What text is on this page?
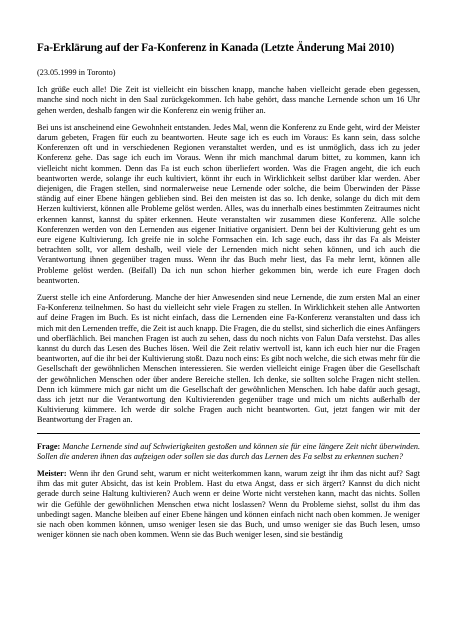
Fa-Erklärung auf der Fa-Konferenz in Kanada (Letzte Änderung Mai 2010)
(23.05.1999 in Toronto)

Ich grüße euch alle! Die Zeit ist vielleicht ein bisschen knapp, manche haben vielleicht gerade eben gegessen, manche sind noch nicht in den Saal zurückgekommen. Ich habe gehört, dass manche Lernende schon um 16 Uhr gehen werden, deshalb fangen wir die Konferenz ein wenig früher an.

Bei uns ist anscheinend eine Gewohnheit entstanden. Jedes Mal, wenn die Konferenz zu Ende geht, wird der Meister darum gebeten, Fragen für euch zu beantworten. Heute sage ich es euch im Voraus: Es kann sein, dass solche Konferenzen oft und in verschiedenen Regionen veranstaltet werden, und es ist unmöglich, dass ich zu jeder Konferenz gehe. Das sage ich euch im Voraus. Wenn ihr mich manchmal darum bittet, zu kommen, kann ich vielleicht nicht kommen. Denn das Fa ist euch schon überliefert worden. Was die Fragen angeht, die ich euch beantworten werde, solange ihr euch kultiviert, könnt ihr euch in Wirklichkeit selbst darüber klar werden. Aber diejenigen, die Fragen stellen, sind normalerweise neue Lernende oder solche, die beim Überwinden der Pässe ständig auf einer Ebene hängen geblieben sind. Bei den meisten ist das so. Ich denke, solange du dich mit dem Herzen kultivierst, können alle Probleme gelöst werden. Alles, was du innerhalb eines bestimmten Zeitraumes nicht erkennen kannst, kannst du später erkennen. Heute veranstalten wir zusammen diese Konferenz. Alle solche Konferenzen werden von den Lernenden aus eigener Initiative organisiert. Denn bei der Kultivierung geht es um eure eigene Kultivierung. Ich greife nie in solche Formsachen ein. Ich sage euch, dass ihr das Fa als Meister betrachten sollt, vor allem deshalb, weil viele der Lernenden mich nicht sehen können, und ich auch die Verantwortung ihnen gegenüber tragen muss. Wenn ihr das Buch mehr liest, das Fa mehr lernt, können alle Probleme gelöst werden. (Beifall) Da ich nun schon hierher gekommen bin, werde ich eure Fragen doch beantworten.

Zuerst stelle ich eine Anforderung. Manche der hier Anwesenden sind neue Lernende, die zum ersten Mal an einer Fa-Konferenz teilnehmen. So hast du vielleicht sehr viele Fragen zu stellen. In Wirklichkeit stehen alle Antworten auf deine Fragen im Buch. Es ist nicht einfach, dass die Lernenden eine Fa-Konferenz veranstalten und dass ich mich mit den Lernenden treffe, die Zeit ist auch knapp. Die Fragen, die du stellst, sind sicherlich die eines Anfängers und oberflächlich. Bei manchen Fragen ist auch zu sehen, dass du noch nichts von Falun Dafa verstehst. Das alles kannst du durch das Lesen des Buches lösen. Weil die Zeit relativ wertvoll ist, kann ich euch hier nur die Fragen beantworten, auf die ihr bei der Kultivierung stoßt. Dazu noch eins: Es gibt noch welche, die sich etwas mehr für die Gesellschaft der gewöhnlichen Menschen interessieren. Sie werden vielleicht einige Fragen über die Gesellschaft der gewöhnlichen Menschen oder über andere Bereiche stellen. Ich denke, sie sollten solche Fragen nicht stellen. Denn ich kümmere mich gar nicht um die Gesellschaft der gewöhnlichen Menschen. Ich habe dafür auch gesagt, dass ich jetzt nur die Verantwortung den Kultivierenden gegenüber trage und mich um nichts außerhalb der Kultivierung kümmere. Ich werde dir solche Fragen auch nicht beantworten. Gut, jetzt fangen wir mit der Beantwortung der Fragen an.

Frage: Manche Lernende sind auf Schwierigkeiten gestoßen und können sie für eine längere Zeit nicht überwinden. Sollen die anderen ihnen das aufzeigen oder sollen sie das durch das Lernen des Fa selbst zu erkennen suchen?

Meister: Wenn ihr den Grund seht, warum er nicht weiterkommen kann, warum zeigt ihr ihm das nicht auf? Sagt ihm das mit guter Absicht, das ist kein Problem. Hast du etwa Angst, dass er sich ärgert? Kannst du dich nicht gerade durch seine Haltung kultivieren? Auch wenn er deine Worte nicht verstehen kann, macht das nichts. Sollen wir die Gefühle der gewöhnlichen Menschen etwa nicht loslassen? Wenn du Probleme siehst, sollst du ihm das unbedingt sagen. Manche bleiben auf einer Ebene hängen und können einfach nicht nach oben kommen. Je weniger sie nach oben kommen können, umso weniger lesen sie das Buch, und umso weniger sie das Buch lesen, umso weniger können sie nach oben kommen. Wenn sie das Buch weniger lesen, sind sie beständig
